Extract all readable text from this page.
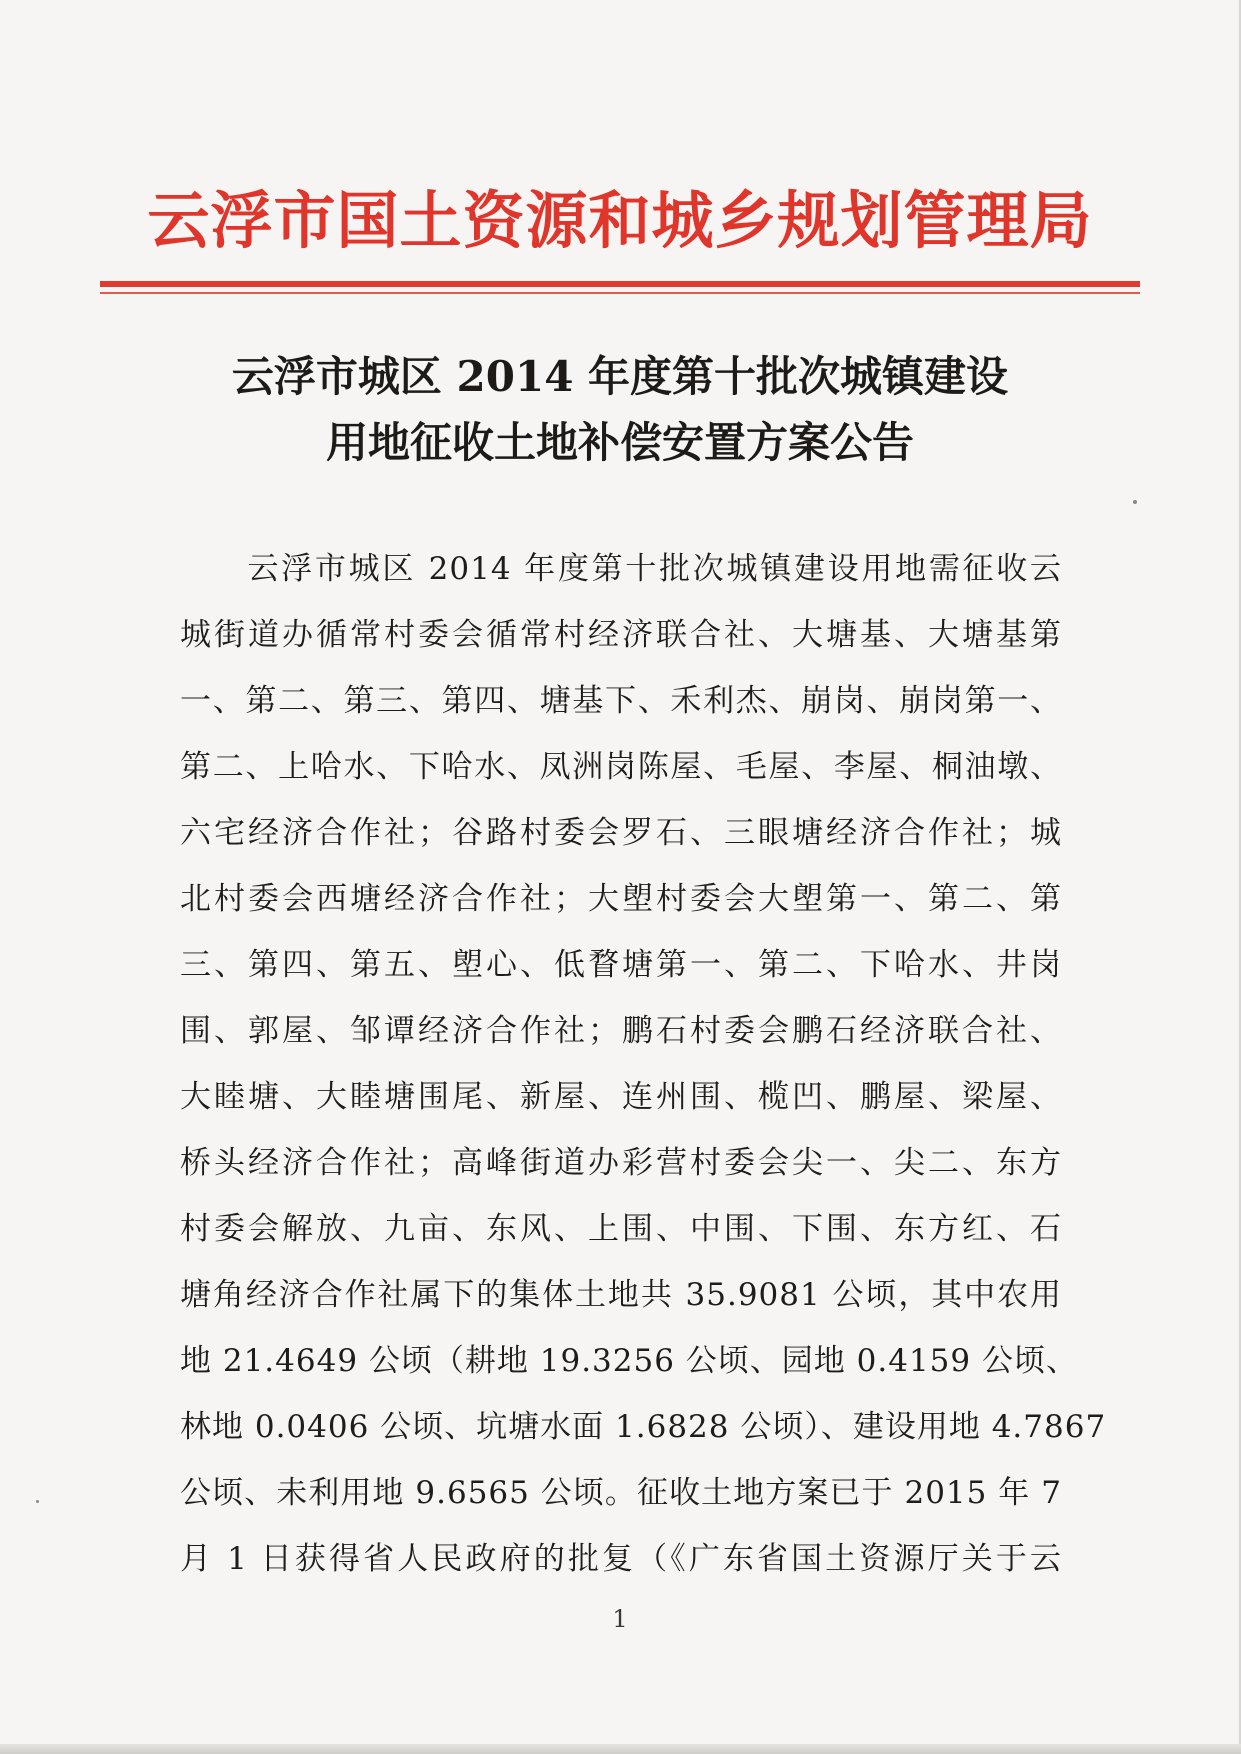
云浮市国土资源和城乡规划管理局
云浮市城区 2014 年度第十批次城镇建设
用地征收土地补偿安置方案公告
　　云浮市城区 2014 年度第十批次城镇建设用地需征收云
城街道办循常村委会循常村经济联合社、大塘基、大塘基第
一、第二、第三、第四、塘基下、禾利杰、崩岗、崩岗第一、
第二、上哈水、下哈水、凤洲岗陈屋、毛屋、李屋、桐油墩、
六宅经济合作社；谷路村委会罗石、三眼塘经济合作社；城
北村委会西塘经济合作社；大塱村委会大塱第一、第二、第
三、第四、第五、塱心、低瞀塘第一、第二、下哈水、井岗
围、郭屋、邹谭经济合作社；鹏石村委会鹏石经济联合社、
大睦塘、大睦塘围尾、新屋、连州围、榄凹、鹏屋、梁屋、
桥头经济合作社；高峰街道办彩营村委会尖一、尖二、东方
村委会解放、九亩、东风、上围、中围、下围、东方红、石
塘角经济合作社属下的集体土地共 35.9081 公顷，其中农用
地 21.4649 公顷（耕地 19.3256 公顷、园地 0.4159 公顷、
林地 0.0406 公顷、坑塘水面 1.6828 公顷）、建设用地 4.7867
公顷、未利用地 9.6565 公顷。征收土地方案已于 2015 年 7
月 1 日获得省人民政府的批复（《广东省国土资源厅关于云
1
